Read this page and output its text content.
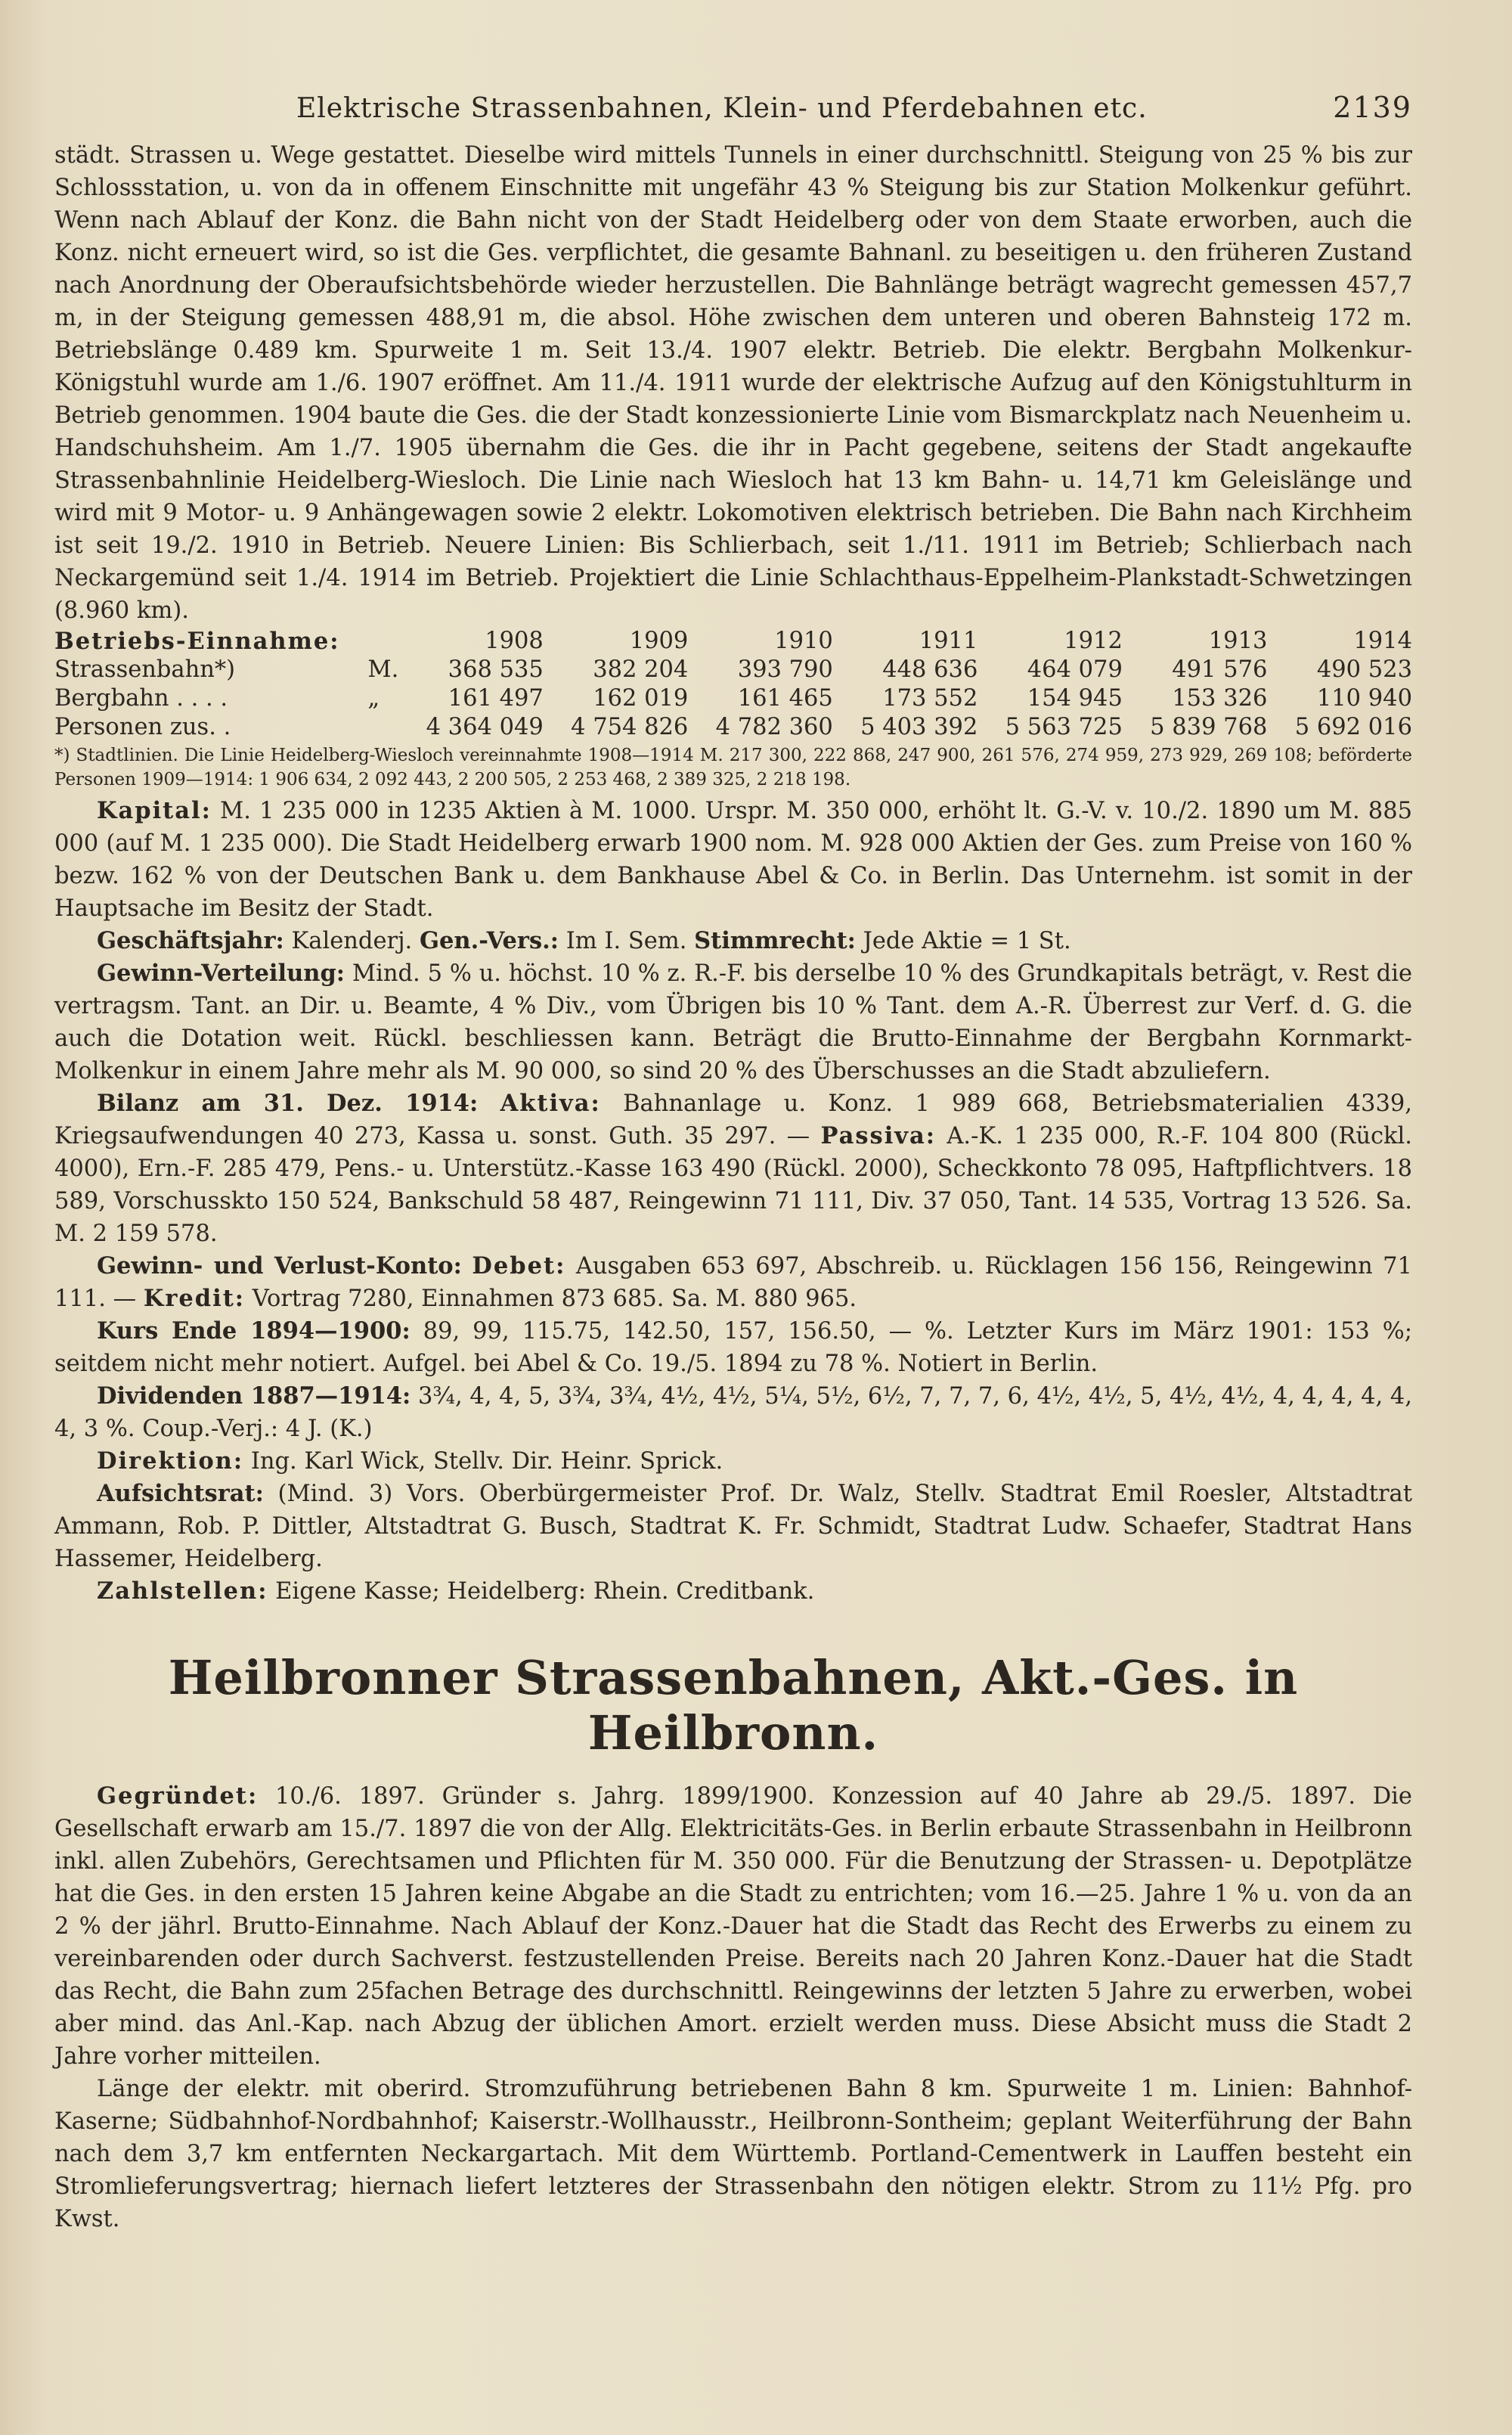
Elektrische Strassenbahnen, Klein- und Pferdebahnen etc.	2139

städt. Strassen u. Wege gestattet. Dieselbe wird mittels Tunnels in einer durchschnittl. Steigung von 25 % bis zur Schlossstation, u. von da in offenem Einschnitte mit ungefähr 43 % Steigung bis zur Station Molkenkur geführt. Wenn nach Ablauf der Konz. die Bahn nicht von der Stadt Heidelberg oder von dem Staate erworben, auch die Konz. nicht erneuert wird, so ist die Ges. verpflichtet, die gesamte Bahnanl. zu beseitigen u. den früheren Zustand nach Anordnung der Oberaufsichtsbehörde wieder herzustellen. Die Bahnlänge beträgt wagrecht gemessen 457,7 m, in der Steigung gemessen 488,91 m, die absol. Höhe zwischen dem unteren und oberen Bahnsteig 172 m. Betriebslänge 0.489 km. Spurweite 1 m. Seit 13./4. 1907 elektr. Betrieb. Die elektr. Bergbahn Molkenkur-Königstuhl wurde am 1./6. 1907 eröffnet. Am 11./4. 1911 wurde der elektrische Aufzug auf den Königstuhlturm in Betrieb genommen. 1904 baute die Ges. die der Stadt konzessionierte Linie vom Bismarckplatz nach Neuenheim u. Handschuhsheim. Am 1./7. 1905 übernahm die Ges. die ihr in Pacht gegebene, seitens der Stadt angekaufte Strassenbahnlinie Heidelberg-Wiesloch. Die Linie nach Wiesloch hat 13 km Bahn- u. 14,71 km Geleislänge und wird mit 9 Motor- u. 9 Anhängewagen sowie 2 elektr. Lokomotiven elektrisch betrieben. Die Bahn nach Kirchheim ist seit 19./2. 1910 in Betrieb. Neuere Linien: Bis Schlierbach, seit 1./11. 1911 im Betrieb; Schlierbach nach Neckargemünd seit 1./4. 1914 im Betrieb. Projektiert die Linie Schlachthaus-Eppelheim-Plankstadt-Schwetzingen (8.960 km).

Betriebs-Einnahme:		1908	1909	1910	1911	1912	1913	1914
Strassenbahn*)	M.	368 535	382 204	393 790	448 636	464 079	491 576	490 523
Bergbahn . . . .	„	161 497	162 019	161 465	173 552	154 945	153 326	110 940
Personen zus. .		4 364 049	4 754 826	4 782 360	5 403 392	5 563 725	5 839 768	5 692 016
*) Stadtlinien. Die Linie Heidelberg-Wiesloch vereinnahmte 1908—1914 M. 217 300, 222 868, 247 900, 261 576, 274 959, 273 929, 269 108; beförderte Personen 1909—1914: 1 906 634, 2 092 443, 2 200 505, 2 253 468, 2 389 325, 2 218 198.

Kapital: M. 1 235 000 in 1235 Aktien à M. 1000. Urspr. M. 350 000, erhöht lt. G.-V. v. 10./2. 1890 um M. 885 000 (auf M. 1 235 000). Die Stadt Heidelberg erwarb 1900 nom. M. 928 000 Aktien der Ges. zum Preise von 160 % bezw. 162 % von der Deutschen Bank u. dem Bankhause Abel & Co. in Berlin. Das Unternehm. ist somit in der Hauptsache im Besitz der Stadt.

Geschäftsjahr: Kalenderj. Gen.-Vers.: Im I. Sem. Stimmrecht: Jede Aktie = 1 St.

Gewinn-Verteilung: Mind. 5 % u. höchst. 10 % z. R.-F. bis derselbe 10 % des Grundkapitals beträgt, v. Rest die vertragsm. Tant. an Dir. u. Beamte, 4 % Div., vom Übrigen bis 10 % Tant. dem A.-R. Überrest zur Verf. d. G. die auch die Dotation weit. Rückl. beschliessen kann. Beträgt die Brutto-Einnahme der Bergbahn Kornmarkt-Molkenkur in einem Jahre mehr als M. 90 000, so sind 20 % des Überschusses an die Stadt abzuliefern.

Bilanz am 31. Dez. 1914: Aktiva: Bahnanlage u. Konz. 1 989 668, Betriebsmaterialien 4339, Kriegsaufwendungen 40 273, Kassa u. sonst. Guth. 35 297. — Passiva: A.-K. 1 235 000, R.-F. 104 800 (Rückl. 4000), Ern.-F. 285 479, Pens.- u. Unterstütz.-Kasse 163 490 (Rückl. 2000), Scheckkonto 78 095, Haftpflichtvers. 18 589, Vorschusskto 150 524, Bankschuld 58 487, Reingewinn 71 111, Div. 37 050, Tant. 14 535, Vortrag 13 526. Sa. M. 2 159 578.

Gewinn- und Verlust-Konto: Debet: Ausgaben 653 697, Abschreib. u. Rücklagen 156 156, Reingewinn 71 111. — Kredit: Vortrag 7280, Einnahmen 873 685. Sa. M. 880 965.

Kurs Ende 1894—1900: 89, 99, 115.75, 142.50, 157, 156.50, — %. Letzter Kurs im März 1901: 153 %; seitdem nicht mehr notiert. Aufgel. bei Abel & Co. 19./5. 1894 zu 78 %. Notiert in Berlin.

Dividenden 1887—1914: 3¾, 4, 4, 5, 3¾, 3¾, 4½, 4½, 5¼, 5½, 6½, 7, 7, 7, 6, 4½, 4½, 5, 4½, 4½, 4, 4, 4, 4, 4, 4, 3 %. Coup.-Verj.: 4 J. (K.)

Direktion: Ing. Karl Wick, Stellv. Dir. Heinr. Sprick.

Aufsichtsrat: (Mind. 3) Vors. Oberbürgermeister Prof. Dr. Walz, Stellv. Stadtrat Emil Roesler, Altstadtrat Ammann, Rob. P. Dittler, Altstadtrat G. Busch, Stadtrat K. Fr. Schmidt, Stadtrat Ludw. Schaefer, Stadtrat Hans Hassemer, Heidelberg.

Zahlstellen: Eigene Kasse; Heidelberg: Rhein. Creditbank.

Heilbronner Strassenbahnen, Akt.-Ges. in Heilbronn.

Gegründet: 10./6. 1897. Gründer s. Jahrg. 1899/1900. Konzession auf 40 Jahre ab 29./5. 1897. Die Gesellschaft erwarb am 15./7. 1897 die von der Allg. Elektricitäts-Ges. in Berlin erbaute Strassenbahn in Heilbronn inkl. allen Zubehörs, Gerechtsamen und Pflichten für M. 350 000. Für die Benutzung der Strassen- u. Depotplätze hat die Ges. in den ersten 15 Jahren keine Abgabe an die Stadt zu entrichten; vom 16.—25. Jahre 1 % u. von da an 2 % der jährl. Brutto-Einnahme. Nach Ablauf der Konz.-Dauer hat die Stadt das Recht des Erwerbs zu einem zu vereinbarenden oder durch Sachverst. festzustellenden Preise. Bereits nach 20 Jahren Konz.-Dauer hat die Stadt das Recht, die Bahn zum 25fachen Betrage des durchschnittl. Reingewinns der letzten 5 Jahre zu erwerben, wobei aber mind. das Anl.-Kap. nach Abzug der üblichen Amort. erzielt werden muss. Diese Absicht muss die Stadt 2 Jahre vorher mitteilen.

Länge der elektr. mit oberird. Stromzuführung betriebenen Bahn 8 km. Spurweite 1 m. Linien: Bahnhof-Kaserne; Südbahnhof-Nordbahnhof; Kaiserstr.-Wollhausstr., Heilbronn-Sontheim; geplant Weiterführung der Bahn nach dem 3,7 km entfernten Neckargartach. Mit dem Württemb. Portland-Cementwerk in Lauffen besteht ein Stromlieferungsvertrag; hiernach liefert letzteres der Strassenbahn den nötigen elektr. Strom zu 11½ Pfg. pro Kwst.
